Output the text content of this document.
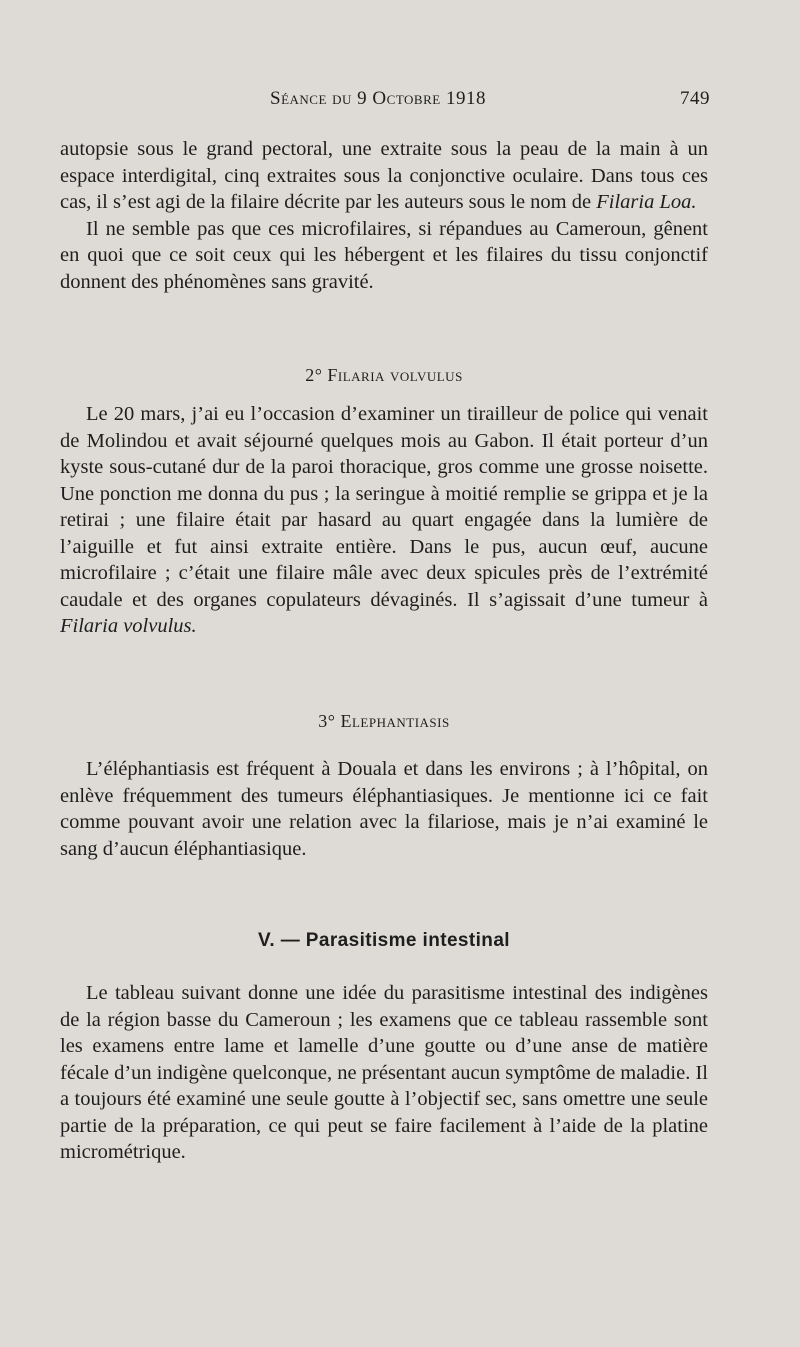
Séance du 9 Octobre 1918	749

autopsie sous le grand pectoral, une extraite sous la peau de la main à un espace interdigital, cinq extraites sous la conjonctive oculaire. Dans tous ces cas, il s’est agi de la filaire décrite par les auteurs sous le nom de Filaria Loa.

Il ne semble pas que ces microfilaires, si répandues au Cameroun, gênent en quoi que ce soit ceux qui les hébergent et les filaires du tissu conjonctif donnent des phénomènes sans gravité.

2° Filaria volvulus

Le 20 mars, j’ai eu l’occasion d’examiner un tirailleur de police qui venait de Molindou et avait séjourné quelques mois au Gabon. Il était porteur d’un kyste sous-cutané dur de la paroi thoracique, gros comme une grosse noisette. Une ponction me donna du pus ; la seringue à moitié remplie se grippa et je la retirai ; une filaire était par hasard au quart engagée dans la lumière de l’aiguille et fut ainsi extraite entière. Dans le pus, aucun œuf, aucune microfilaire ; c’était une filaire mâle avec deux spicules près de l’extrémité caudale et des organes copulateurs dévaginés. Il s’agissait d’une tumeur à Filaria volvulus.

3° Elephantiasis

L’éléphantiasis est fréquent à Douala et dans les environs ; à l’hôpital, on enlève fréquemment des tumeurs éléphantiasiques. Je mentionne ici ce fait comme pouvant avoir une relation avec la filariose, mais je n’ai examiné le sang d’aucun éléphantiasique.

V. — Parasitisme intestinal

Le tableau suivant donne une idée du parasitisme intestinal des indigènes de la région basse du Cameroun ; les examens que ce tableau rassemble sont les examens entre lame et lamelle d’une goutte ou d’une anse de matière fécale d’un indigène quelconque, ne présentant aucun symptôme de maladie. Il a toujours été examiné une seule goutte à l’objectif sec, sans omettre une seule partie de la préparation, ce qui peut se faire facilement à l’aide de la platine micrométrique.
